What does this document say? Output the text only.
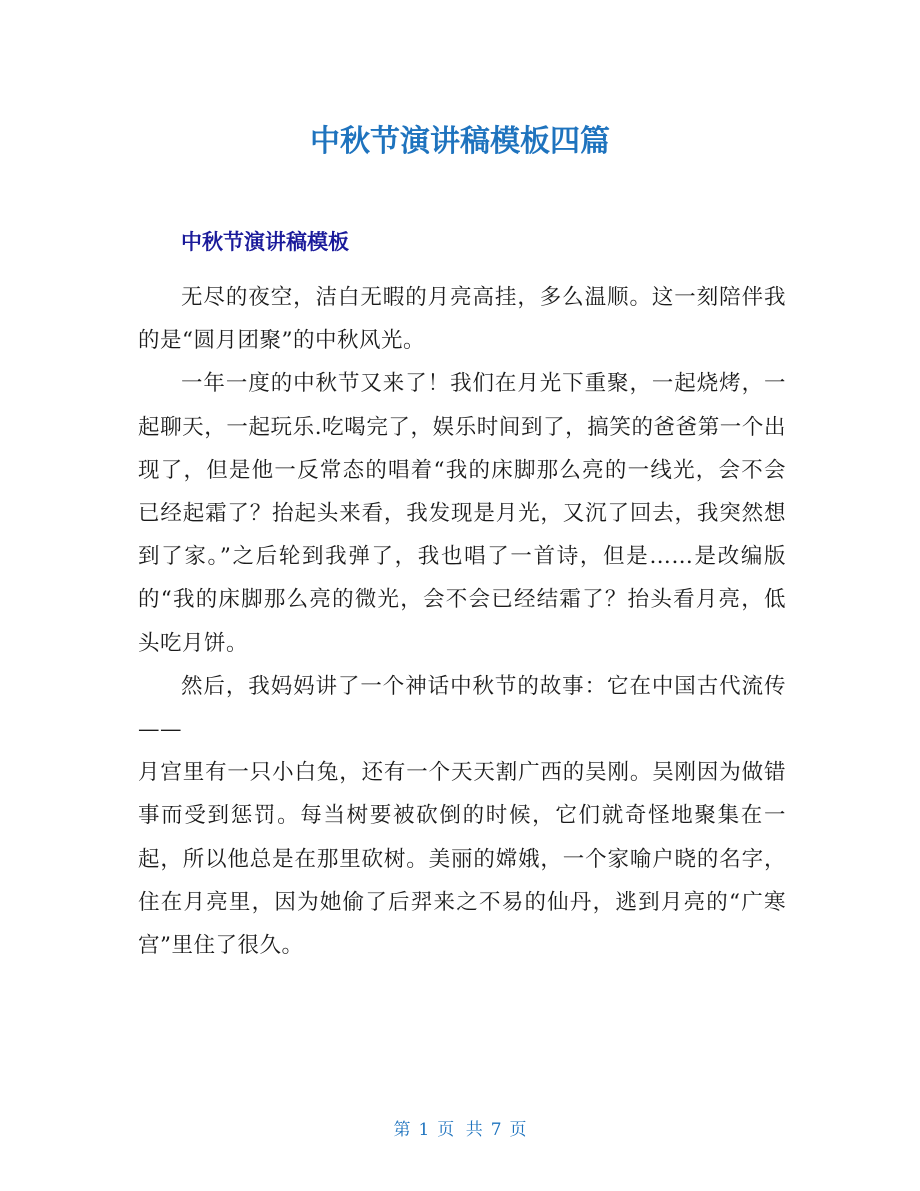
中秋节演讲稿模板四篇
中秋节演讲稿模板

无尽的夜空，洁白无暇的月亮高挂，多么温顺。这一刻陪伴我的是“圆月团聚”的中秋风光。

一年一度的中秋节又来了！我们在月光下重聚，一起烧烤，一起聊天，一起玩乐.吃喝完了，娱乐时间到了，搞笑的爸爸第一个出现了，但是他一反常态的唱着“我的床脚那么亮的一线光，会不会已经起霜了？抬起头来看，我发现是月光，又沉了回去，我突然想到了家。”之后轮到我弹了，我也唱了一首诗，但是……是改编版的“我的床脚那么亮的微光，会不会已经结霜了？抬头看月亮，低头吃月饼。

然后，我妈妈讲了一个神话中秋节的故事：它在中国古代流传——

月宫里有一只小白兔，还有一个天天割广西的吴刚。吴刚因为做错事而受到惩罚。每当树要被砍倒的时候，它们就奇怪地聚集在一起，所以他总是在那里砍树。美丽的嫦娥，一个家喻户晓的名字，住在月亮里，因为她偷了后羿来之不易的仙丹，逃到月亮的“广寒宫”里住了很久。

第 1 页 共 7 页
